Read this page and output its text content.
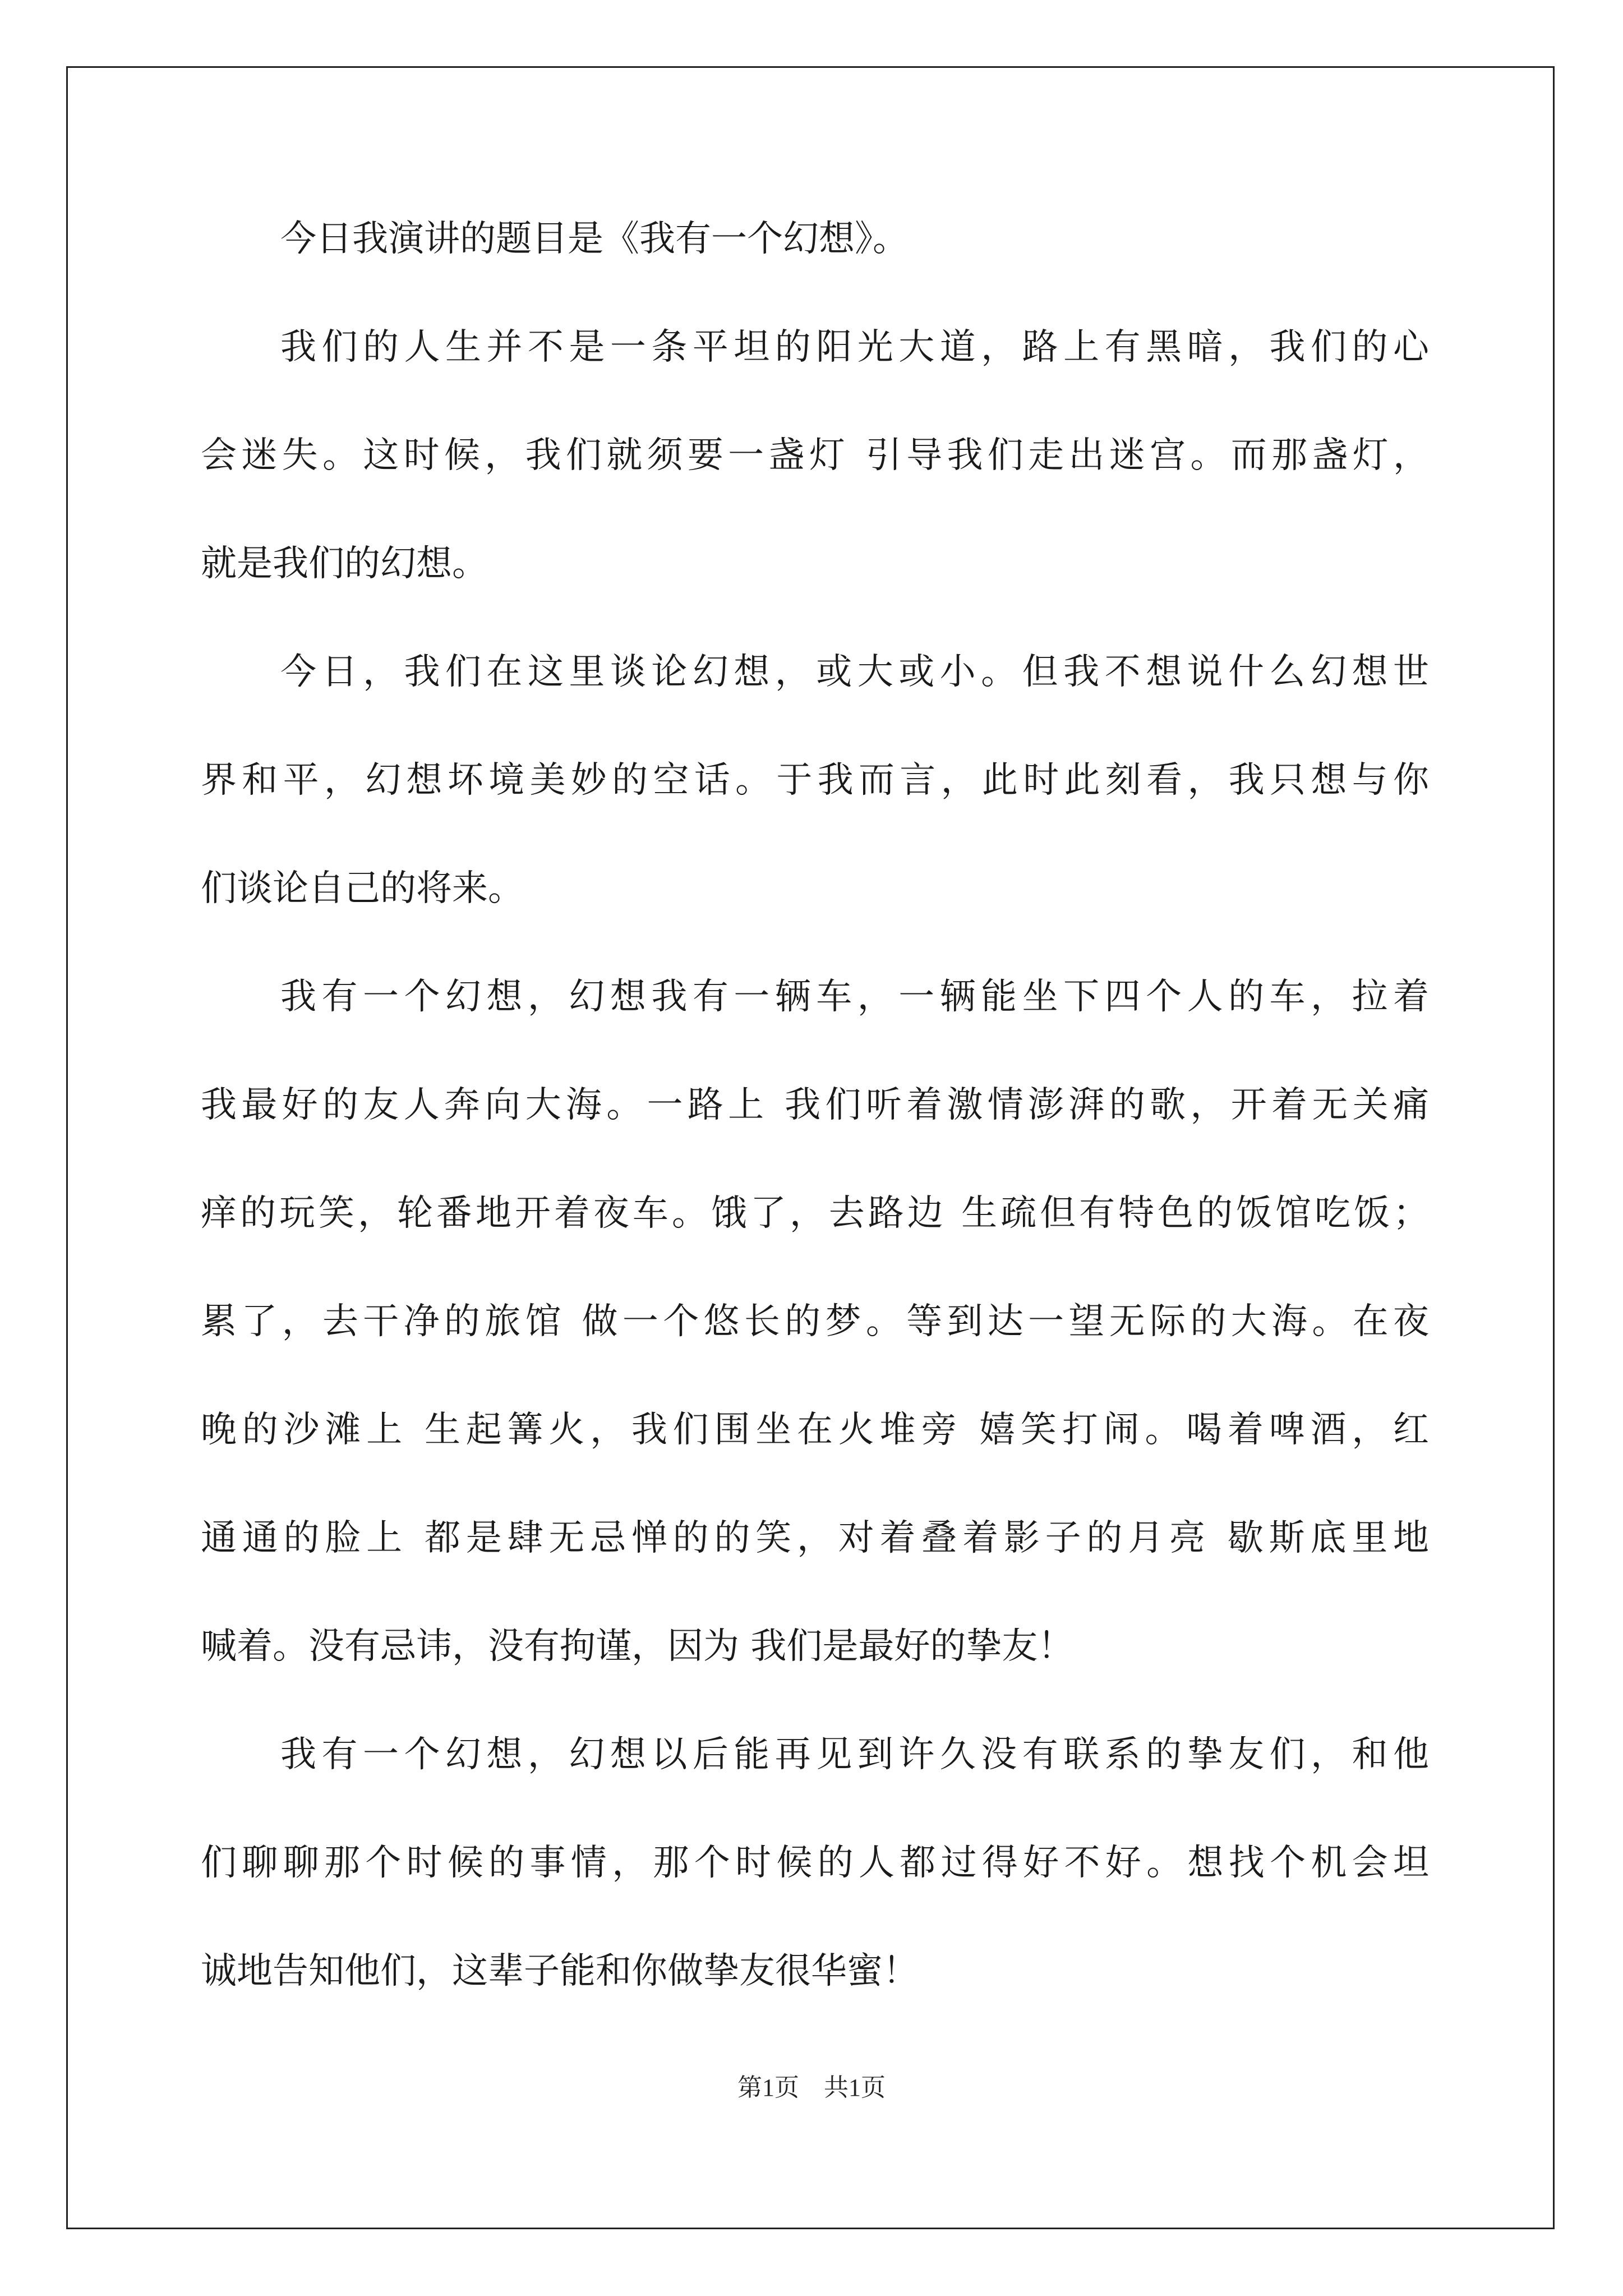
今日我演讲的题目是《我有一个幻想》。
我们的人生并不是一条平坦的阳光大道，路上有黑暗，我们的心
会迷失。这时候，我们就须要一盏灯 引导我们走出迷宫。而那盏灯，
就是我们的幻想。
今日，我们在这里谈论幻想，或大或小。但我不想说什么幻想世
界和平，幻想坏境美妙的空话。于我而言，此时此刻看，我只想与你
们谈论自己的将来。
我有一个幻想，幻想我有一辆车，一辆能坐下四个人的车，拉着
我最好的友人奔向大海。一路上 我们听着激情澎湃的歌，开着无关痛
痒的玩笑，轮番地开着夜车。饿了，去路边 生疏但有特色的饭馆吃饭；
累了，去干净的旅馆 做一个悠长的梦。等到达一望无际的大海。在夜
晚的沙滩上 生起篝火，我们围坐在火堆旁 嬉笑打闹。喝着啤酒，红
通通的脸上 都是肆无忌惮的的笑，对着叠着影子的月亮 歇斯底里地
喊着。没有忌讳，没有拘谨，因为 我们是最好的挚友！
我有一个幻想，幻想以后能再见到许久没有联系的挚友们，和他
们聊聊那个时候的事情，那个时候的人都过得好不好。想找个机会坦
诚地告知他们，这辈子能和你做挚友很华蜜！
第1页　共1页
